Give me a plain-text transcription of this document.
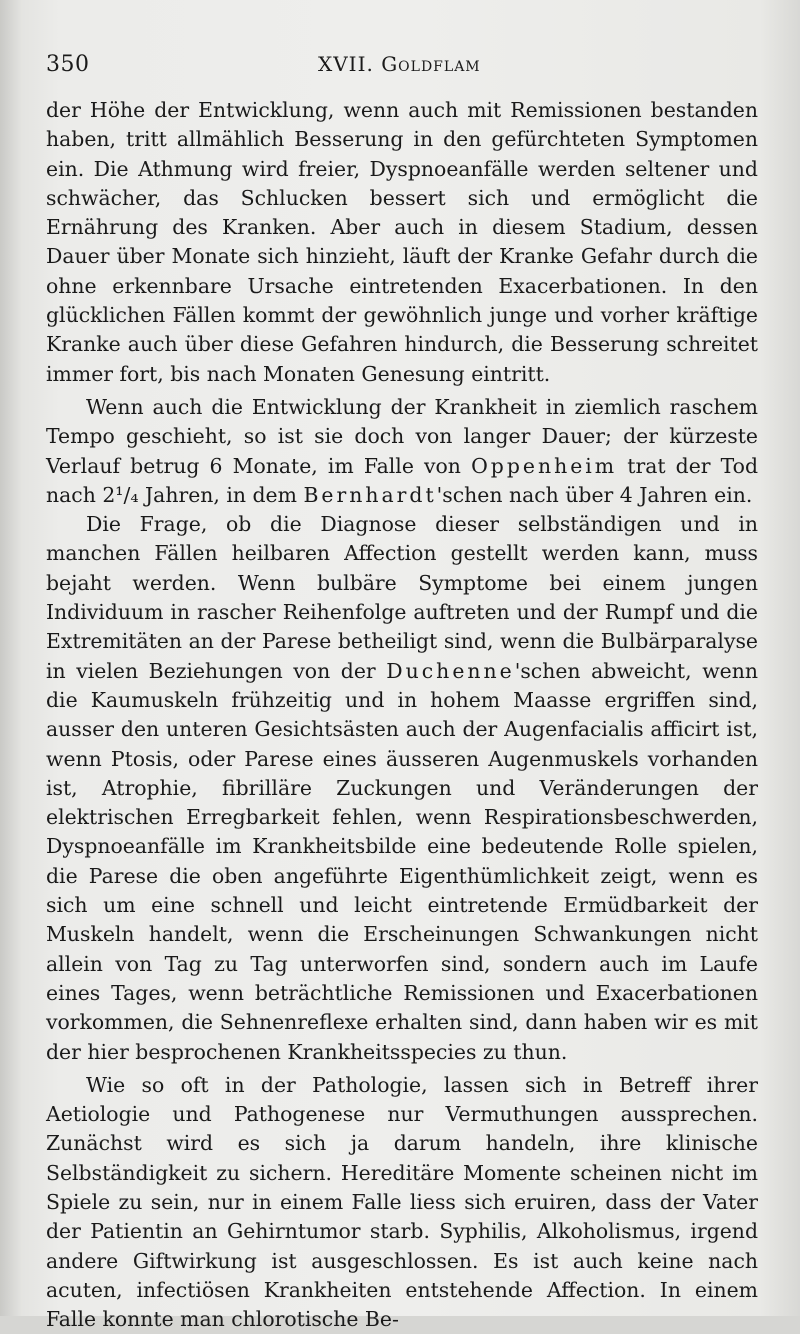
350	XVII. Goldflam

der Höhe der Entwicklung, wenn auch mit Remissionen bestanden haben, tritt allmählich Besserung in den gefürchteten Symptomen ein. Die Athmung wird freier, Dyspnoeanfälle werden seltener und schwächer, das Schlucken bessert sich und ermöglicht die Ernährung des Kranken. Aber auch in diesem Stadium, dessen Dauer über Monate sich hinzieht, läuft der Kranke Gefahr durch die ohne erkennbare Ursache eintretenden Exacerbationen. In den glücklichen Fällen kommt der gewöhnlich junge und vorher kräftige Kranke auch über diese Gefahren hindurch, die Besserung schreitet immer fort, bis nach Monaten Genesung eintritt.

Wenn auch die Entwicklung der Krankheit in ziemlich raschem Tempo geschieht, so ist sie doch von langer Dauer; der kürzeste Verlauf betrug 6 Monate, im Falle von Oppenheim trat der Tod nach 2¹/₄ Jahren, in dem Bernhardt'schen nach über 4 Jahren ein.

Die Frage, ob die Diagnose dieser selbständigen und in manchen Fällen heilbaren Affection gestellt werden kann, muss bejaht werden. Wenn bulbäre Symptome bei einem jungen Individuum in rascher Reihenfolge auftreten und der Rumpf und die Extremitäten an der Parese betheiligt sind, wenn die Bulbärparalyse in vielen Beziehungen von der Duchenne'schen abweicht, wenn die Kaumuskeln frühzeitig und in hohem Maasse ergriffen sind, ausser den unteren Gesichtsästen auch der Augenfacialis afficirt ist, wenn Ptosis, oder Parese eines äusseren Augenmuskels vorhanden ist, Atrophie, fibrilläre Zuckungen und Veränderungen der elektrischen Erregbarkeit fehlen, wenn Respirationsbeschwerden, Dyspnoeanfälle im Krankheitsbilde eine bedeutende Rolle spielen, die Parese die oben angeführte Eigenthümlichkeit zeigt, wenn es sich um eine schnell und leicht eintretende Ermüdbarkeit der Muskeln handelt, wenn die Erscheinungen Schwankungen nicht allein von Tag zu Tag unterworfen sind, sondern auch im Laufe eines Tages, wenn beträchtliche Remissionen und Exacerbationen vorkommen, die Sehnenreflexe erhalten sind, dann haben wir es mit der hier besprochenen Krankheitsspecies zu thun.

Wie so oft in der Pathologie, lassen sich in Betreff ihrer Aetiologie und Pathogenese nur Vermuthungen aussprechen. Zunächst wird es sich ja darum handeln, ihre klinische Selbständigkeit zu sichern. Hereditäre Momente scheinen nicht im Spiele zu sein, nur in einem Falle liess sich eruiren, dass der Vater der Patientin an Gehirntumor starb. Syphilis, Alkoholismus, irgend andere Giftwirkung ist ausgeschlossen. Es ist auch keine nach acuten, infectiösen Krankheiten entstehende Affection. In einem Falle konnte man chlorotische Be-
